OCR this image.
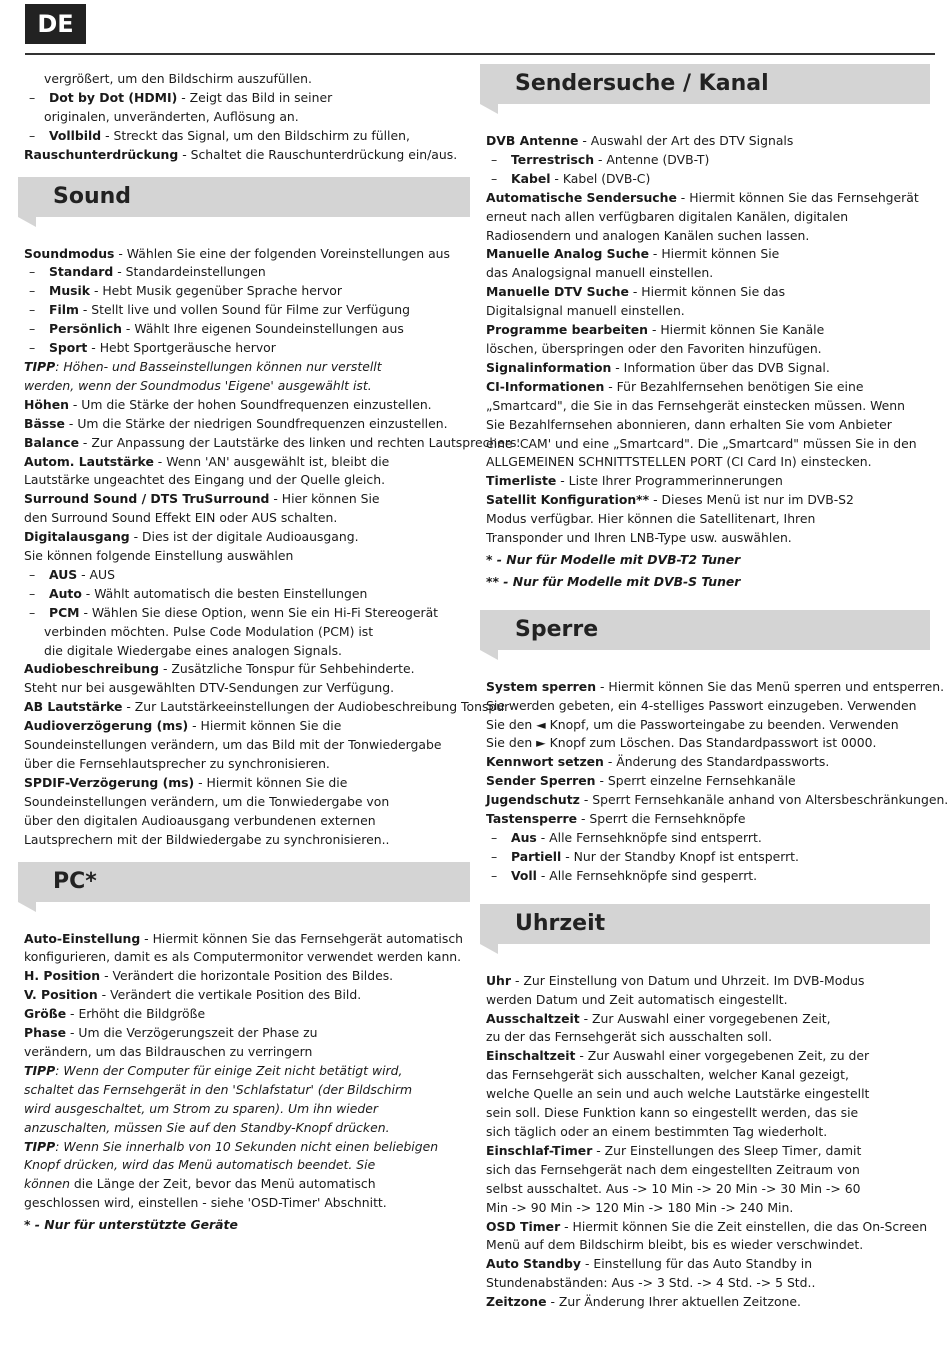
DE
vergrößert, um den Bildschirm auszufüllen.
– Dot by Dot (HDMI) - Zeigt das Bild in seiner
originalen, unveränderten, Auflösung an.
– Vollbild - Streckt das Signal, um den Bildschirm zu füllen,
Rauschunterdrückung - Schaltet die Rauschunterdrückung ein/aus.
Sound
Soundmodus - Wählen Sie eine der folgenden Voreinstellungen aus
– Standard - Standardeinstellungen
– Musik - Hebt Musik gegenüber Sprache hervor
– Film - Stellt live und vollen Sound für Filme zur Verfügung
– Persönlich - Wählt Ihre eigenen Soundeinstellungen aus
– Sport - Hebt Sportgeräusche hervor
TIPP: Höhen- und Basseinstellungen können nur verstellt
werden, wenn der Soundmodus 'Eigene' ausgewählt ist.
Höhen - Um die Stärke der hohen Soundfrequenzen einzustellen.
Bässe - Um die Stärke der niedrigen Soundfrequenzen einzustellen.
Balance - Zur Anpassung der Lautstärke des linken und rechten Lautsprechers.
Autom. Lautstärke - Wenn 'AN' ausgewählt ist, bleibt die
Lautstärke ungeachtet des Eingang und der Quelle gleich.
Surround Sound / DTS TruSurround - Hier können Sie
den Surround Sound Effekt EIN oder AUS schalten.
Digitalausgang - Dies ist der digitale Audioausgang.
Sie können folgende Einstellung auswählen
– AUS - AUS
– Auto - Wählt automatisch die besten Einstellungen
– PCM - Wählen Sie diese Option, wenn Sie ein Hi-Fi Stereogerät
verbinden möchten. Pulse Code Modulation (PCM) ist
die digitale Wiedergabe eines analogen Signals.
Audiobeschreibung - Zusätzliche Tonspur für Sehbehinderte.
Steht nur bei ausgewählten DTV-Sendungen zur Verfügung.
AB Lautstärke - Zur Lautstärkeeinstellungen der Audiobeschreibung Tonspur
Audioverzögerung (ms) - Hiermit können Sie die
Soundeinstellungen verändern, um das Bild mit der Tonwiedergabe
über die Fernsehlautsprecher zu synchronisieren.
SPDIF-Verzögerung (ms) - Hiermit können Sie die
Soundeinstellungen verändern, um die Tonwiedergabe von
über den digitalen Audioausgang verbundenen externen
Lautsprechern mit der Bildwiedergabe zu synchronisieren..
PC*
Auto-Einstellung - Hiermit können Sie das Fernsehgerät automatisch
konfigurieren, damit es als Computermonitor verwendet werden kann.
H. Position - Verändert die horizontale Position des Bildes.
V. Position - Verändert die vertikale Position des Bild.
Größe - Erhöht die Bildgröße
Phase - Um die Verzögerungszeit der Phase zu
verändern, um das Bildrauschen zu verringern
TIPP: Wenn der Computer für einige Zeit nicht betätigt wird,
schaltet das Fernsehgerät in den 'Schlafstatur' (der Bildschirm
wird ausgeschaltet, um Strom zu sparen). Um ihn wieder
anzuschalten, müssen Sie auf den Standby-Knopf drücken.
TIPP: Wenn Sie innerhalb von 10 Sekunden nicht einen beliebigen
Knopf drücken, wird das Menü automatisch beendet. Sie
können die Länge der Zeit, bevor das Menü automatisch
geschlossen wird, einstellen - siehe 'OSD-Timer' Abschnitt.
* - Nur für unterstützte Geräte
Sendersuche / Kanal
DVB Antenne - Auswahl der Art des DTV Signals
– Terrestrisch - Antenne (DVB-T)
– Kabel - Kabel (DVB-C)
Automatische Sendersuche - Hiermit können Sie das Fernsehgerät
erneut nach allen verfügbaren digitalen Kanälen, digitalen
Radiosendern und analogen Kanälen suchen lassen.
Manuelle Analog Suche - Hiermit können Sie
das Analogsignal manuell einstellen.
Manuelle DTV Suche - Hiermit können Sie das
Digitalsignal manuell einstellen.
Programme bearbeiten - Hiermit können Sie Kanäle
löschen, überspringen oder den Favoriten hinzufügen.
Signalinformation - Information über das DVB Signal.
CI-Informationen - Für Bezahlfernsehen benötigen Sie eine
„Smartcard", die Sie in das Fernsehgerät einstecken müssen. Wenn
Sie Bezahlfernsehen abonnieren, dann erhalten Sie vom Anbieter
eine 'CAM' und eine „Smartcard". Die „Smartcard" müssen Sie in den
ALLGEMEINEN SCHNITTSTELLEN PORT (CI Card In) einstecken.
Timerliste - Liste Ihrer Programmerinnerungen
Satellit Konfiguration** - Dieses Menü ist nur im DVB-S2
Modus verfügbar. Hier können die Satellitenart, Ihren
Transponder und Ihren LNB-Type usw. auswählen.
* - Nur für Modelle mit DVB-T2 Tuner
** - Nur für Modelle mit DVB-S Tuner
Sperre
System sperren - Hiermit können Sie das Menü sperren und entsperren.
Sie werden gebeten, ein 4-stelliges Passwort einzugeben. Verwenden
Sie den ◄ Knopf, um die Passworteingabe zu beenden. Verwenden
Sie den ► Knopf zum Löschen. Das Standardpasswort ist 0000.
Kennwort setzen - Änderung des Standardpassworts.
Sender Sperren - Sperrt einzelne Fernsehkanäle
Jugendschutz - Sperrt Fernsehkanäle anhand von Altersbeschränkungen.
Tastensperre - Sperrt die Fernsehknöpfe
– Aus - Alle Fernsehknöpfe sind entsperrt.
– Partiell - Nur der Standby Knopf ist entsperrt.
– Voll - Alle Fernsehknöpfe sind gesperrt.
Uhrzeit
Uhr - Zur Einstellung von Datum und Uhrzeit. Im DVB-Modus
werden Datum und Zeit automatisch eingestellt.
Ausschaltzeit - Zur Auswahl einer vorgegebenen Zeit,
zu der das Fernsehgerät sich ausschalten soll.
Einschaltzeit - Zur Auswahl einer vorgegebenen Zeit, zu der
das Fernsehgerät sich ausschalten, welcher Kanal gezeigt,
welche Quelle an sein und auch welche Lautstärke eingestellt
sein soll. Diese Funktion kann so eingestellt werden, das sie
sich täglich oder an einem bestimmten Tag wiederholt.
Einschlaf-Timer - Zur Einstellungen des Sleep Timer, damit
sich das Fernsehgerät nach dem eingestellten Zeitraum von
selbst ausschaltet. Aus -> 10 Min -> 20 Min -> 30 Min -> 60
Min -> 90 Min -> 120 Min -> 180 Min -> 240 Min.
OSD Timer - Hiermit können Sie die Zeit einstellen, die das On-Screen
Menü auf dem Bildschirm bleibt, bis es wieder verschwindet.
Auto Standby - Einstellung für das Auto Standby in
Stundenabständen: Aus -> 3 Std. -> 4 Std. -> 5 Std..
Zeitzone - Zur Änderung Ihrer aktuellen Zeitzone.
